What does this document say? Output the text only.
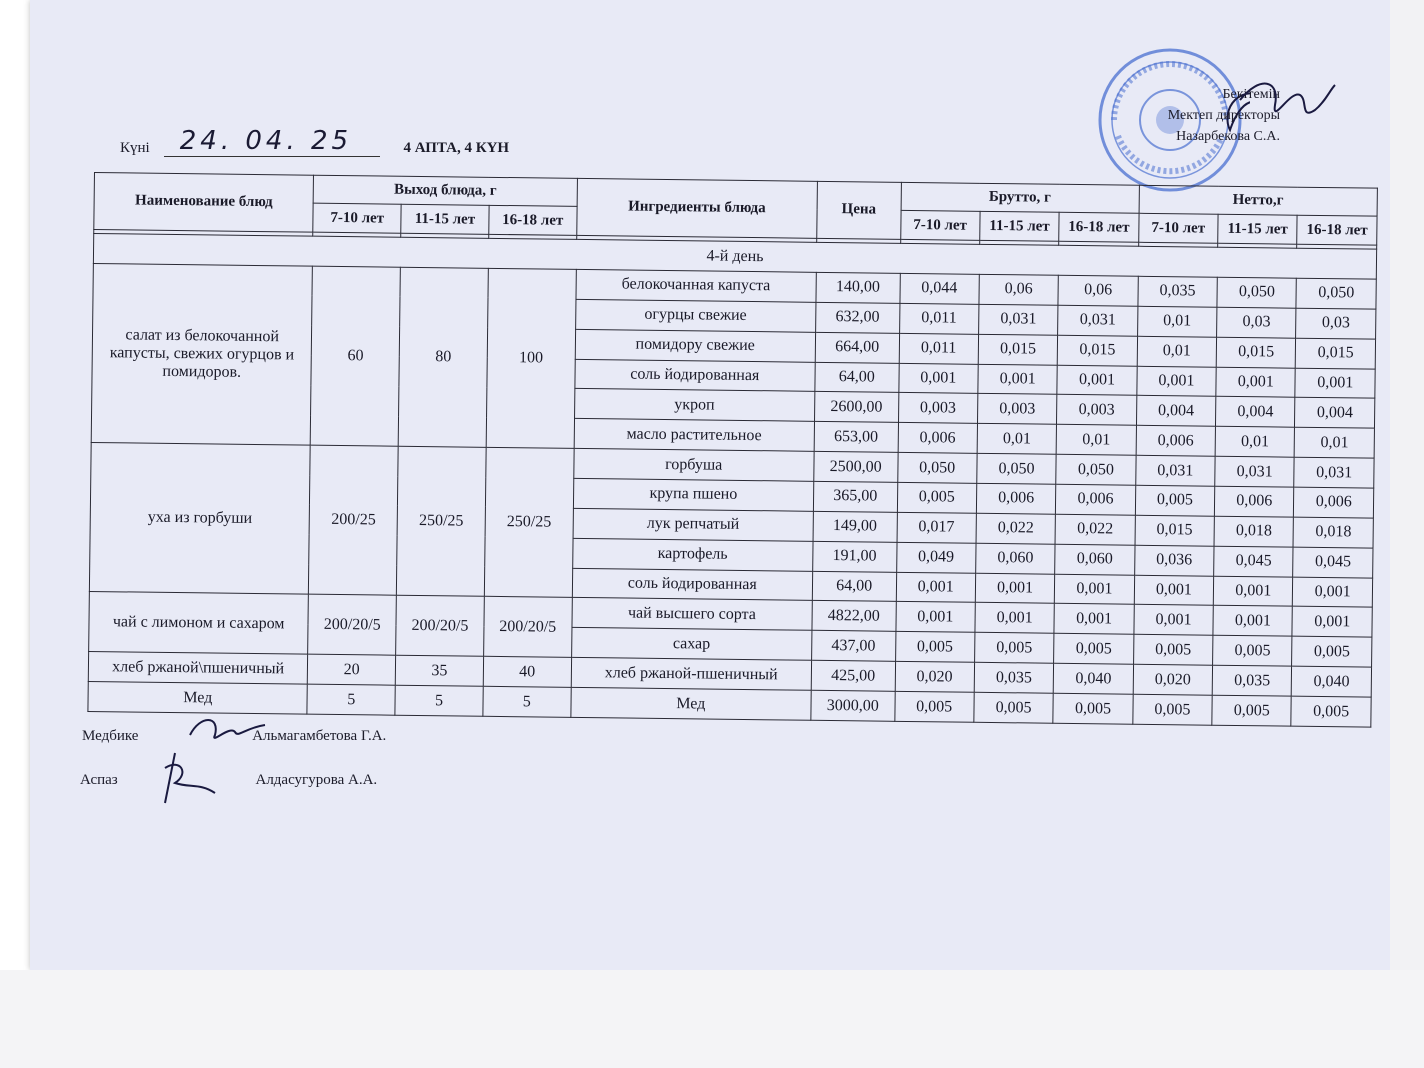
Күні 24. 04. 25	4 АПТА, 4 КҮН
Бекітемін
Мектеп директоры
Назарбекова С.А.
Наименование блюд	Выход блюда, г			Ингредиенты блюда	Цена	Брутто, г			Нетто,г		
	7-10 лет	11-15 лет	16-18 лет			7-10 лет	11-15 лет	16-18 лет	7-10 лет	11-15 лет	16-18 лет

4-й день											
салат из белокочанной капусты, свежих огурцов и помидоров.	60	80	100	белокочанная капуста	140,00	0,044	0,06	0,06	0,035	0,050	0,050
				огурцы свежие	632,00	0,011	0,031	0,031	0,01	0,03	0,03
				помидору свежие	664,00	0,011	0,015	0,015	0,01	0,015	0,015
				соль йодированная	64,00	0,001	0,001	0,001	0,001	0,001	0,001
				укроп	2600,00	0,003	0,003	0,003	0,004	0,004	0,004
				масло растительное	653,00	0,006	0,01	0,01	0,006	0,01	0,01
уха из горбуши	200/25	250/25	250/25	горбуша	2500,00	0,050	0,050	0,050	0,031	0,031	0,031
				крупа пшено	365,00	0,005	0,006	0,006	0,005	0,006	0,006
				лук репчатый	149,00	0,017	0,022	0,022	0,015	0,018	0,018
				картофель	191,00	0,049	0,060	0,060	0,036	0,045	0,045
				соль йодированная	64,00	0,001	0,001	0,001	0,001	0,001	0,001
чай с лимоном и сахаром	200/20/5	200/20/5	200/20/5	чай высшего сорта	4822,00	0,001	0,001	0,001	0,001	0,001	0,001
				сахар	437,00	0,005	0,005	0,005	0,005	0,005	0,005
хлеб ржаной\пшеничный	20	35	40	хлеб ржаной-пшеничный	425,00	0,020	0,035	0,040	0,020	0,035	0,040
Мед	5	5	5	Мед	3000,00	0,005	0,005	0,005	0,005	0,005	0,005
Медбике	Альмагамбетова Г.А.
Аспаз	Алдасугурова А.А.
